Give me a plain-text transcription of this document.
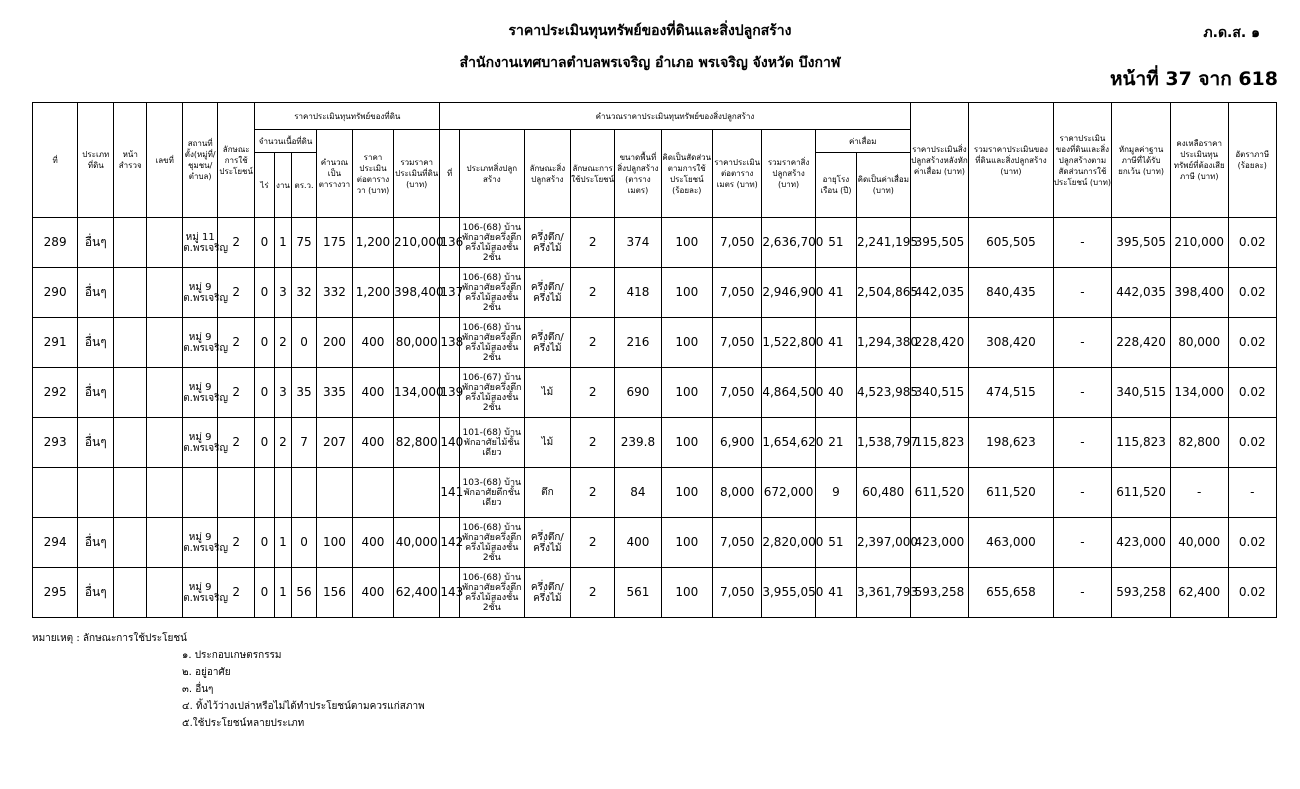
ราคาประเมินทุนทรัพย์ของที่ดินและสิ่งปลูกสร้าง	ภ.ด.ส. ๑
สำนักงานเทศบาลตำบลพรเจริญ อำเภอ พรเจริญ จังหวัด บึงกาฬ
หน้าที่ 37 จาก 618
ที่	ประเภทที่ดิน	หน้าสำรวจ	เลขที่	สถานที่ตั้ง(หมู่ที่/ชุมชน/ตำบล)	ลักษณะการใช้ประโยชน์	ราคาประเมินทุนทรัพย์ของที่ดิน						คำนวณราคาประเมินทุนทรัพย์ของสิ่งปลูกสร้าง										ราคาประเมินสิ่งปลูกสร้างหลังหักค่าเสื่อม (บาท)	รวมราคาประเมินของที่ดินและสิ่งปลูกสร้าง (บาท)	ราคาประเมินของที่ดินและสิ่งปลูกสร้างตามสัดส่วนการใช้ประโยชน์ (บาท)	หักมูลค่าฐานภาษีที่ได้รับยกเว้น (บาท)	คงเหลือราคาประเมินทุนทรัพย์ที่ต้องเสียภาษี (บาท)	อัตราภาษี (ร้อยละ)
						จำนวนเนื้อที่ดิน			คำนวณเป็นตารางวา	ราคาประเมินต่อตารางวา (บาท)	รวมราคาประเมินที่ดิน (บาท)	ที่	ประเภทสิ่งปลูกสร้าง	ลักษณะสิ่งปลูกสร้าง	ลักษณะการใช้ประโยชน์	ขนาดพื้นที่สิ่งปลูกสร้าง (ตารางเมตร)	คิดเป็นสัดส่วนตามการใช้ประโยชน์ (ร้อยละ)	ราคาประเมินต่อตารางเมตร (บาท)	รวมราคาสิ่งปลูกสร้าง (บาท)	ค่าเสื่อม							
						ไร่	งาน	ตร.ว.												อายุโรงเรือน (ปี)	คิดเป็นค่าเสื่อม (บาท)						
289	อื่นๆ			หมู่ 11 ต.พรเจริญ	2	0	1	75	175	1,200	210,000	136	106-(68) บ้านพักอาศัยครึ่งตึกครึ่งไม้สองชั้น 2ชั้น	ครึ่งตึก/ครึ่งไม้	2	374	100	7,050	2,636,700	51	2,241,195	395,505	605,505	-	395,505	210,000	0.02
290	อื่นๆ			หมู่ 9 ต.พรเจริญ	2	0	3	32	332	1,200	398,400	137	106-(68) บ้านพักอาศัยครึ่งตึกครึ่งไม้สองชั้น 2ชั้น	ครึ่งตึก/ครึ่งไม้	2	418	100	7,050	2,946,900	41	2,504,865	442,035	840,435	-	442,035	398,400	0.02
291	อื่นๆ			หมู่ 9 ต.พรเจริญ	2	0	2	0	200	400	80,000	138	106-(68) บ้านพักอาศัยครึ่งตึกครึ่งไม้สองชั้น 2ชั้น	ครึ่งตึก/ครึ่งไม้	2	216	100	7,050	1,522,800	41	1,294,380	228,420	308,420	-	228,420	80,000	0.02
292	อื่นๆ			หมู่ 9 ต.พรเจริญ	2	0	3	35	335	400	134,000	139	106-(67) บ้านพักอาศัยครึ่งตึกครึ่งไม้สองชั้น 2ชั้น	ไม้	2	690	100	7,050	4,864,500	40	4,523,985	340,515	474,515	-	340,515	134,000	0.02
293	อื่นๆ			หมู่ 9 ต.พรเจริญ	2	0	2	7	207	400	82,800	140	101-(68) บ้านพักอาศัยไม้ชั้นเดียว	ไม้	2	239.8	100	6,900	1,654,620	21	1,538,797	115,823	198,623	-	115,823	82,800	0.02
												141	103-(68) บ้านพักอาศัยตึกชั้นเดียว	ตึก	2	84	100	8,000	672,000	9	60,480	611,520	611,520	-	611,520	-	-
294	อื่นๆ			หมู่ 9 ต.พรเจริญ	2	0	1	0	100	400	40,000	142	106-(68) บ้านพักอาศัยครึ่งตึกครึ่งไม้สองชั้น 2ชั้น	ครึ่งตึก/ครึ่งไม้	2	400	100	7,050	2,820,000	51	2,397,000	423,000	463,000	-	423,000	40,000	0.02
295	อื่นๆ			หมู่ 9 ต.พรเจริญ	2	0	1	56	156	400	62,400	143	106-(68) บ้านพักอาศัยครึ่งตึกครึ่งไม้สองชั้น 2ชั้น	ครึ่งตึก/ครึ่งไม้	2	561	100	7,050	3,955,050	41	3,361,793	593,258	655,658	-	593,258	62,400	0.02
หมายเหตุ : ลักษณะการใช้ประโยชน์
๑. ประกอบเกษตรกรรม
๒. อยู่อาศัย
๓. อื่นๆ
๔. ทิ้งไว้ว่างเปล่าหรือไม่ได้ทำประโยชน์ตามควรแก่สภาพ
๕.ใช้ประโยชน์หลายประเภท
